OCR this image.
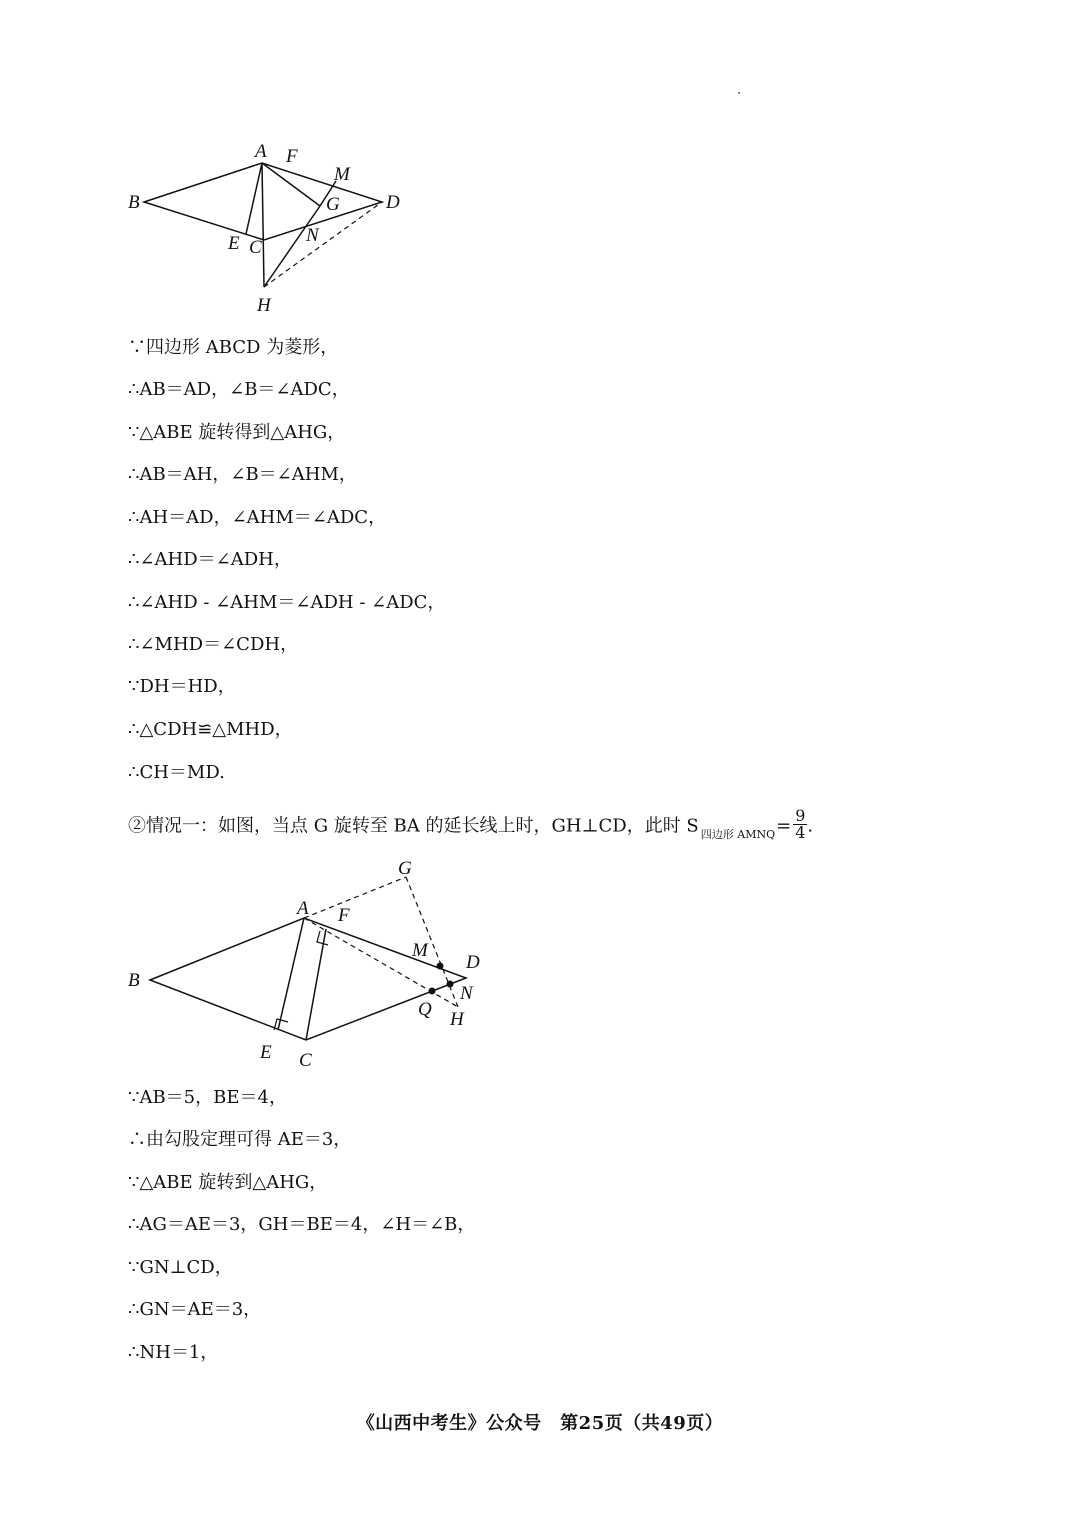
A F
M
B	G D
N
E C
H
∵四边形 ABCD 为菱形，
∴AB＝AD，∠B＝∠ADC，
∵△ABE 旋转得到△AHG，
∴AB＝AH，∠B＝∠AHM，
∴AH＝AD，∠AHM＝∠ADC，
∴∠AHD＝∠ADH，
∴∠AHD - ∠AHM＝∠ADH - ∠ADC，
∴∠MHD＝∠CDH，
∵DH＝HD，
∴△CDH≌△MHD，
∴CH＝MD.
②情况一：如图，当点 G 旋转至 BA 的延长线上时，GH⊥CD，此时 S $_{四边形 AMNQ}= \frac{9}{4}$ .
G
A F
M
D
B
N
Q H
E C
∵AB＝5，BE＝4，
∴由勾股定理可得 AE＝3，
∵△ABE 旋转到△AHG，
∴AG＝AE＝3，GH＝BE＝4，∠H＝∠B，
∵GN⊥CD，
∴GN＝AE＝3，
∴NH＝1，
《山西中考生》公众号　第25页（共49页）
